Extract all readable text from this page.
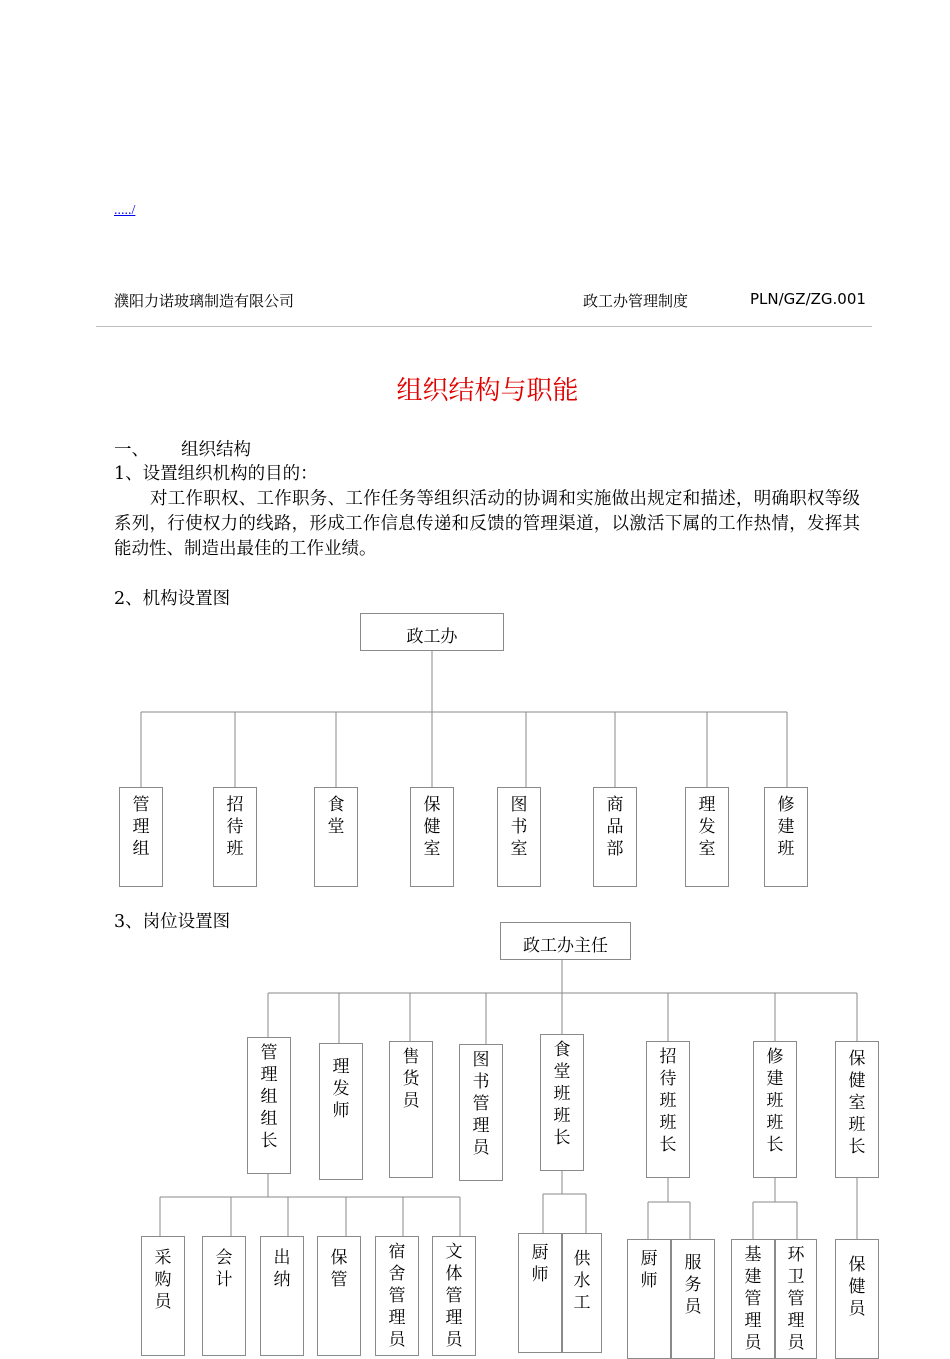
...../
濮阳力诺玻璃制造有限公司	政工办管理制度	PLN/GZ/ZG.001
组织结构与职能
一、 组织结构
1、设置组织机构的目的：
对工作职权、工作职务、工作任务等组织活动的协调和实施做出规定和描述，明确职权等级系列，行使权力的线路，形成工作信息传递和反馈的管理渠道，以激活下属的工作热情，发挥其能动性、制造出最佳的工作业绩。
2、机构设置图
3、岗位设置图
政工办
管
理
组
招
待
班
食
堂
保
健
室
图
书
室
商
品
部
理
发
室
修
建
班
政工办主任
管
理
组
组
长
理
发
师
售
货
员
图
书
管
理
员
食
堂
班
班
长
招
待
班
班
长
修
建
班
班
长
保
健
室
班
长
采
购
员
会
计
出
纳
保
管
宿
舍
管
理
员
文
体
管
理
员
厨
师
供
水
工
厨
师
服
务
员
基
建
管
理
员
环
卫
管
理
员
保
健
员
